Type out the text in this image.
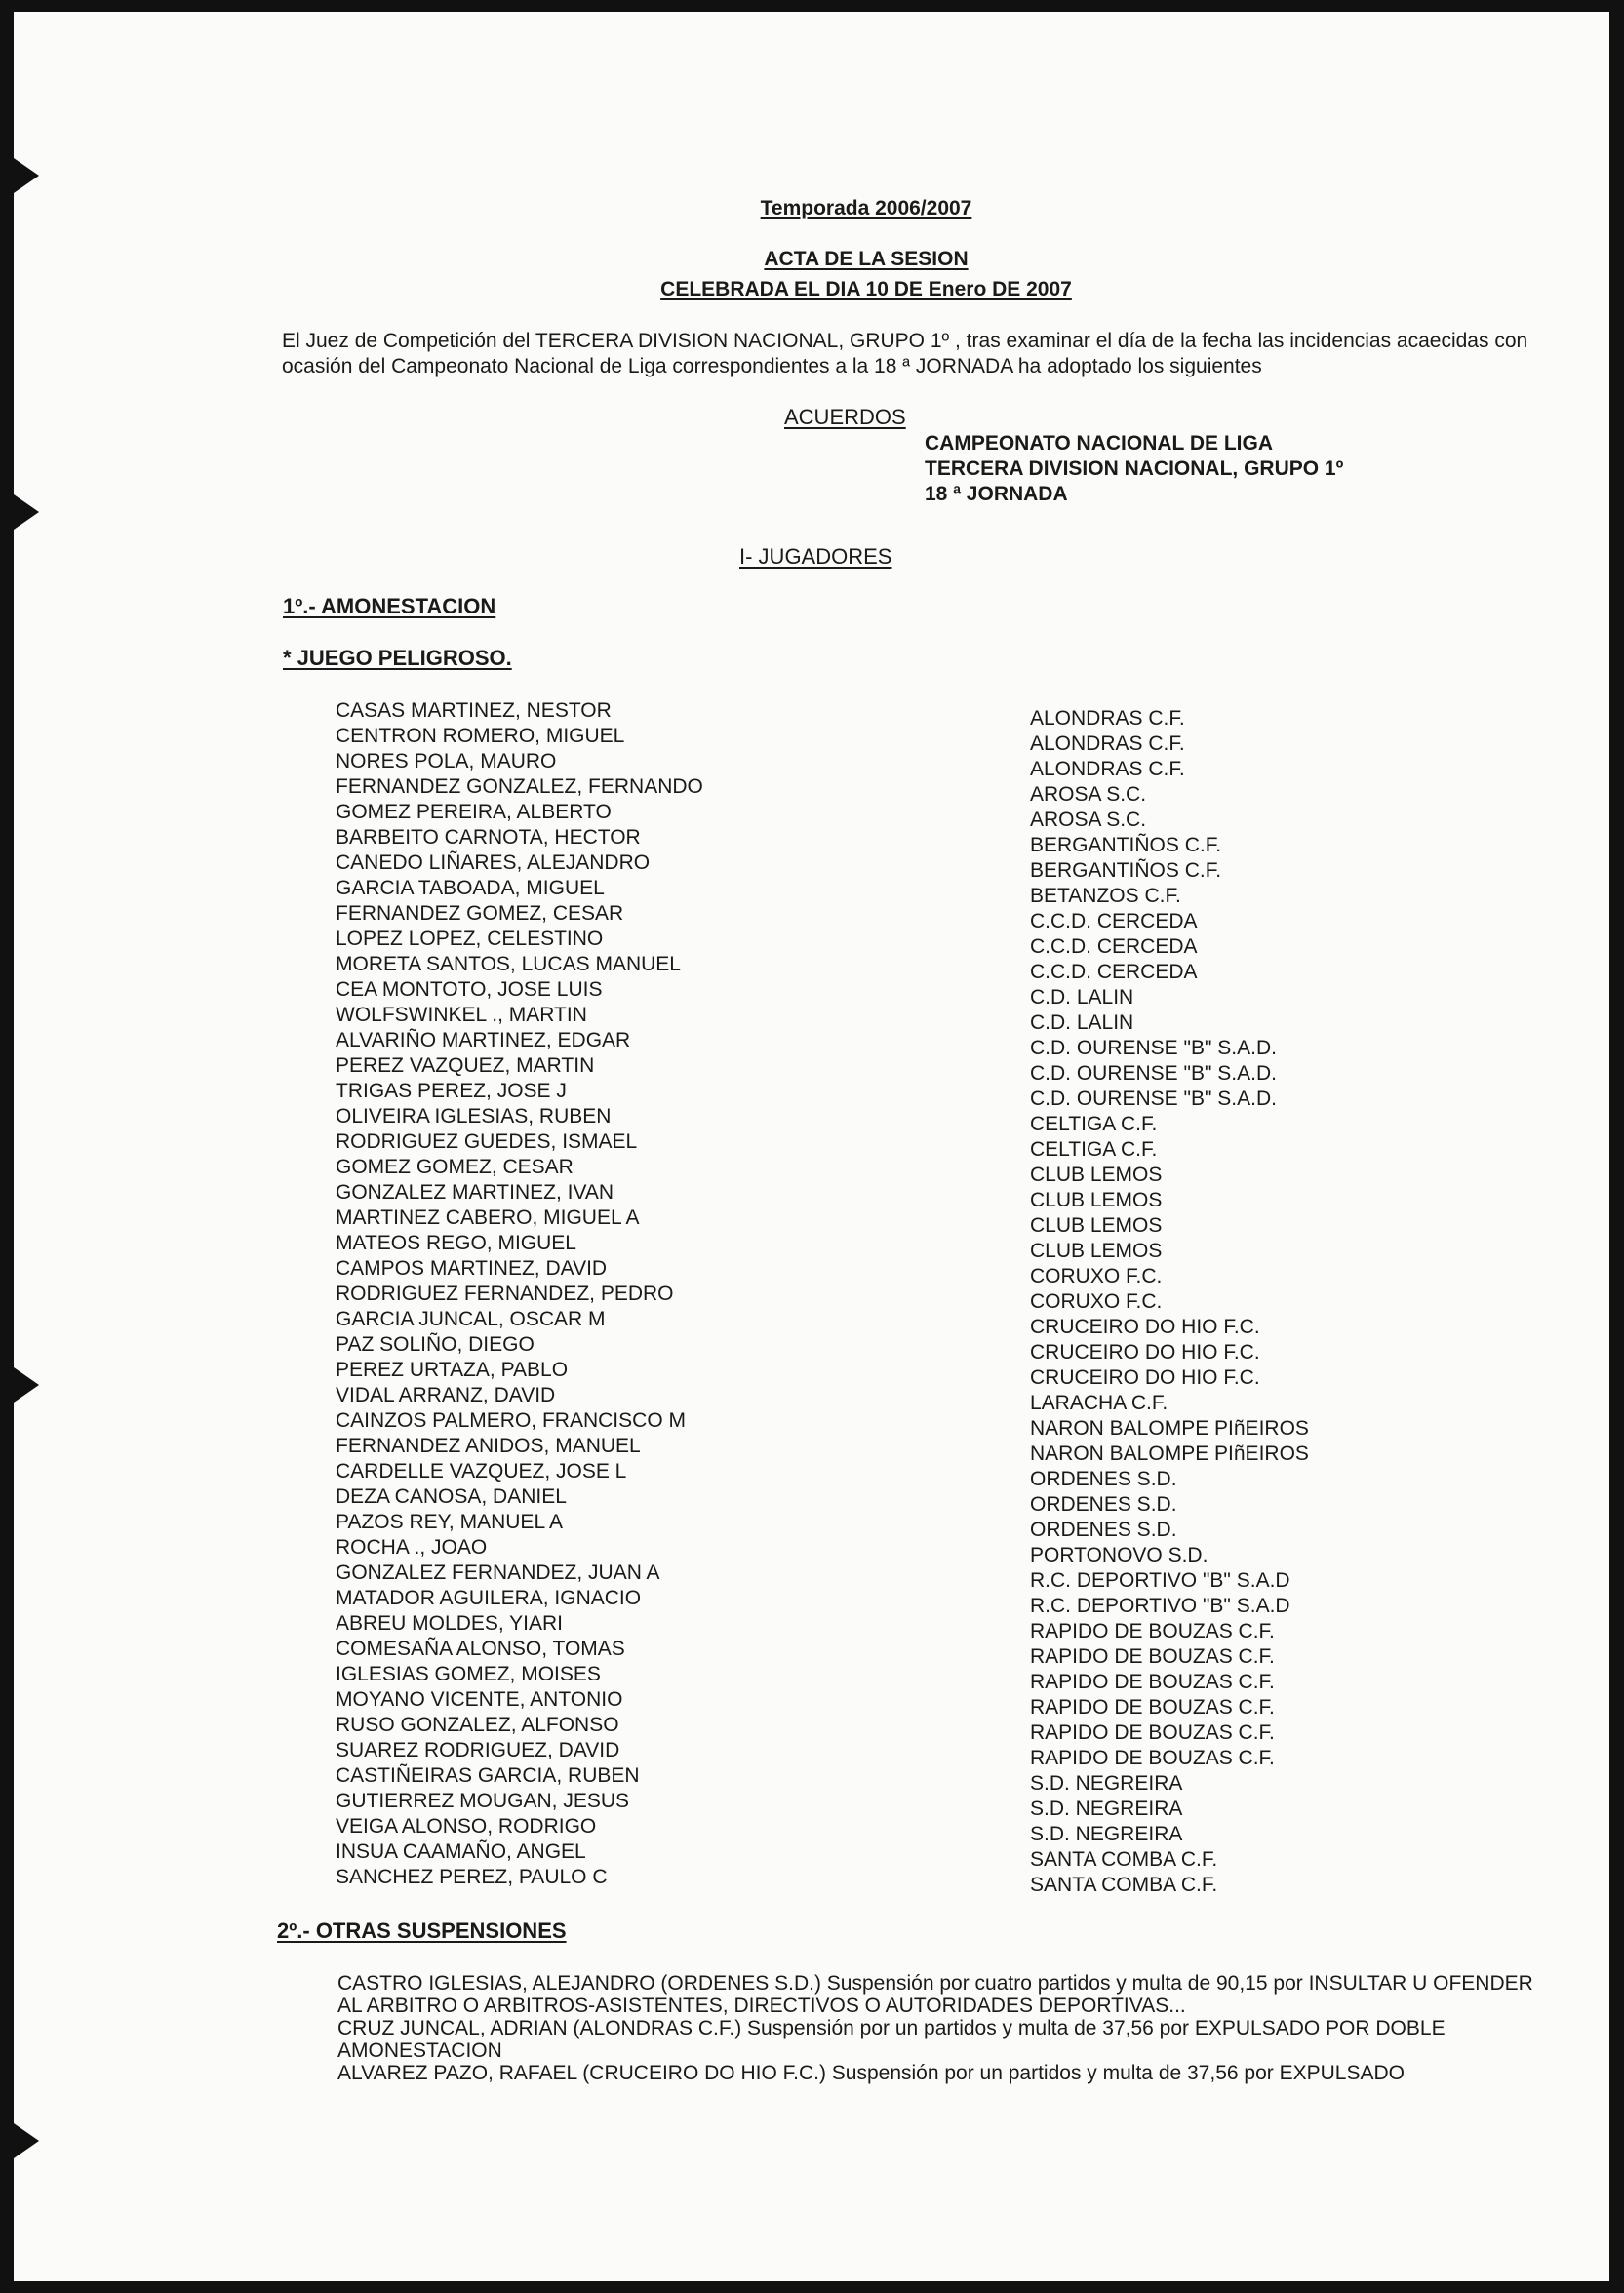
Temporada 2006/2007
ACTA DE LA SESION
CELEBRADA EL DIA 10 DE Enero DE 2007
El Juez de Competición del TERCERA DIVISION NACIONAL, GRUPO 1º , tras examinar el día de la fecha las incidencias acaecidas con ocasión del Campeonato Nacional de Liga correspondientes a la 18 ª JORNADA ha adoptado los siguientes
ACUERDOS
CAMPEONATO NACIONAL DE LIGA
TERCERA DIVISION NACIONAL, GRUPO 1º
18 ª JORNADA
I- JUGADORES
1º.- AMONESTACION
* JUEGO PELIGROSO.
CASAS MARTINEZ, NESTOR	ALONDRAS C.F.
CENTRON ROMERO, MIGUEL	ALONDRAS C.F.
NORES POLA, MAURO	ALONDRAS C.F.
FERNANDEZ GONZALEZ, FERNANDO	AROSA S.C.
GOMEZ PEREIRA, ALBERTO	AROSA S.C.
BARBEITO CARNOTA, HECTOR	BERGANTIÑOS C.F.
CANEDO LIÑARES, ALEJANDRO	BERGANTIÑOS C.F.
GARCIA TABOADA, MIGUEL	BETANZOS C.F.
FERNANDEZ GOMEZ, CESAR	C.C.D. CERCEDA
LOPEZ LOPEZ, CELESTINO	C.C.D. CERCEDA
MORETA SANTOS, LUCAS MANUEL	C.C.D. CERCEDA
CEA MONTOTO, JOSE LUIS	C.D. LALIN
WOLFSWINKEL ., MARTIN	C.D. LALIN
ALVARIÑO MARTINEZ, EDGAR	C.D. OURENSE "B" S.A.D.
PEREZ VAZQUEZ, MARTIN	C.D. OURENSE "B" S.A.D.
TRIGAS PEREZ, JOSE J	C.D. OURENSE "B" S.A.D.
OLIVEIRA IGLESIAS, RUBEN	CELTIGA C.F.
RODRIGUEZ GUEDES, ISMAEL	CELTIGA C.F.
GOMEZ GOMEZ, CESAR	CLUB LEMOS
GONZALEZ MARTINEZ, IVAN	CLUB LEMOS
MARTINEZ CABERO, MIGUEL A	CLUB LEMOS
MATEOS REGO, MIGUEL	CLUB LEMOS
CAMPOS MARTINEZ, DAVID	CORUXO F.C.
RODRIGUEZ FERNANDEZ, PEDRO	CORUXO F.C.
GARCIA JUNCAL, OSCAR M	CRUCEIRO DO HIO F.C.
PAZ SOLIÑO, DIEGO	CRUCEIRO DO HIO F.C.
PEREZ URTAZA, PABLO	CRUCEIRO DO HIO F.C.
VIDAL ARRANZ, DAVID	LARACHA C.F.
CAINZOS PALMERO, FRANCISCO M	NARON BALOMPE PIñEIROS
FERNANDEZ ANIDOS, MANUEL	NARON BALOMPE PIñEIROS
CARDELLE VAZQUEZ, JOSE L	ORDENES S.D.
DEZA CANOSA, DANIEL	ORDENES S.D.
PAZOS REY, MANUEL A	ORDENES S.D.
ROCHA ., JOAO	PORTONOVO S.D.
GONZALEZ FERNANDEZ, JUAN A	R.C. DEPORTIVO "B" S.A.D
MATADOR AGUILERA, IGNACIO	R.C. DEPORTIVO "B" S.A.D
ABREU MOLDES, YIARI	RAPIDO DE BOUZAS C.F.
COMESAÑA ALONSO, TOMAS	RAPIDO DE BOUZAS C.F.
IGLESIAS GOMEZ, MOISES	RAPIDO DE BOUZAS C.F.
MOYANO VICENTE, ANTONIO	RAPIDO DE BOUZAS C.F.
RUSO GONZALEZ, ALFONSO	RAPIDO DE BOUZAS C.F.
SUAREZ RODRIGUEZ, DAVID	RAPIDO DE BOUZAS C.F.
CASTIÑEIRAS GARCIA, RUBEN	S.D. NEGREIRA
GUTIERREZ MOUGAN, JESUS	S.D. NEGREIRA
VEIGA ALONSO, RODRIGO	S.D. NEGREIRA
INSUA CAAMAÑO, ANGEL	SANTA COMBA C.F.
SANCHEZ PEREZ, PAULO C	SANTA COMBA C.F.
2º.- OTRAS SUSPENSIONES

CASTRO IGLESIAS, ALEJANDRO (ORDENES S.D.) Suspensión por cuatro partidos y multa de 90,15 por INSULTAR U OFENDER AL ARBITRO O ARBITROS-ASISTENTES, DIRECTIVOS O AUTORIDADES DEPORTIVAS...

CRUZ JUNCAL, ADRIAN (ALONDRAS C.F.) Suspensión por un partidos y multa de 37,56 por EXPULSADO POR DOBLE AMONESTACION

ALVAREZ PAZO, RAFAEL (CRUCEIRO DO HIO F.C.) Suspensión por un partidos y multa de 37,56 por EXPULSADO
